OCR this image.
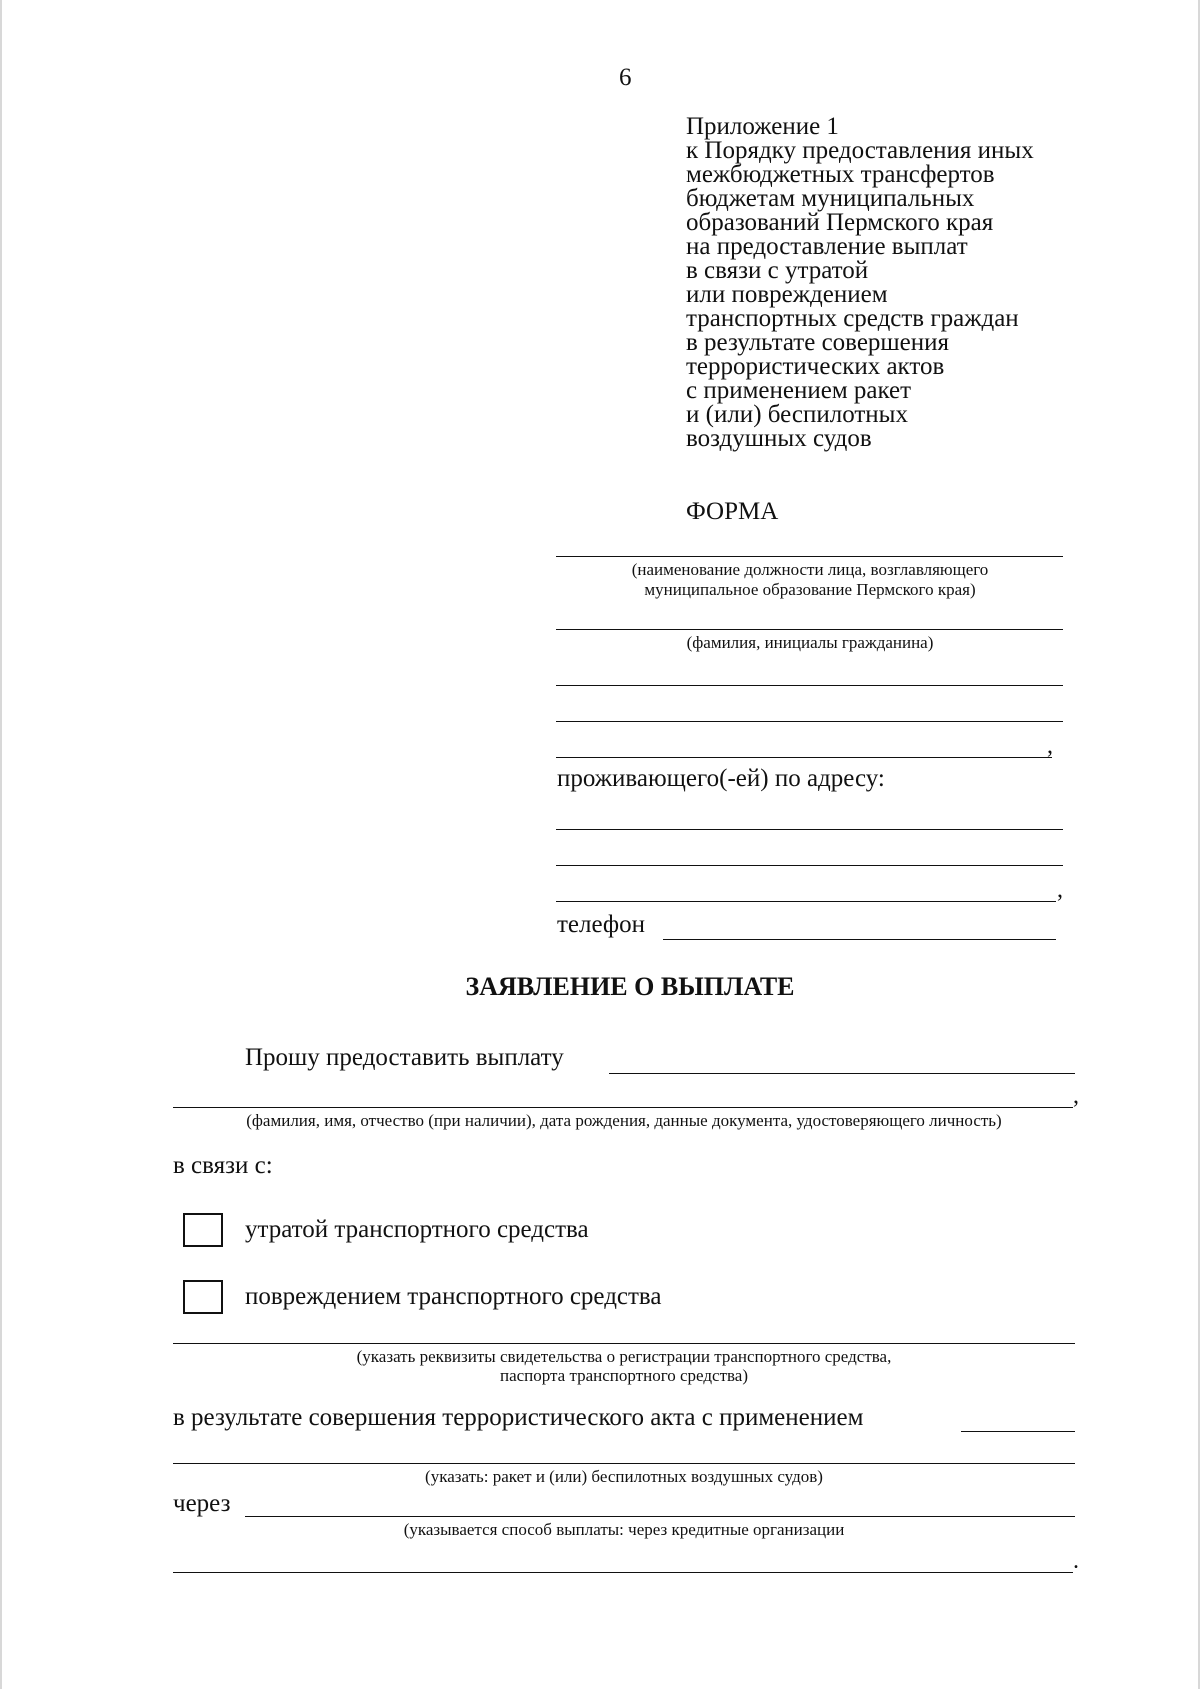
6
Приложение 1
к Порядку предоставления иных
межбюджетных трансфертов
бюджетам муниципальных
образований Пермского края
на предоставление выплат
в связи с утратой
или повреждением
транспортных средств граждан
в результате совершения
террористических актов
с применением ракет
и (или) беспилотных
воздушных судов
ФОРМА
(наименование должности лица, возглавляющего
муниципальное образование Пермского края)
(фамилия, инициалы гражданина)
,
проживающего(-ей) по адресу:
,
телефон
ЗАЯВЛЕНИЕ О ВЫПЛАТЕ
Прошу предоставить выплату
,
(фамилия, имя, отчество (при наличии), дата рождения, данные документа, удостоверяющего личность)
в связи с:
утратой транспортного средства
повреждением транспортного средства
(указать реквизиты свидетельства о регистрации транспортного средства,
паспорта транспортного средства)
в результате совершения террористического акта с применением
(указать: ракет и (или) беспилотных воздушных судов)
через
(указывается способ выплаты: через кредитные организации
.
